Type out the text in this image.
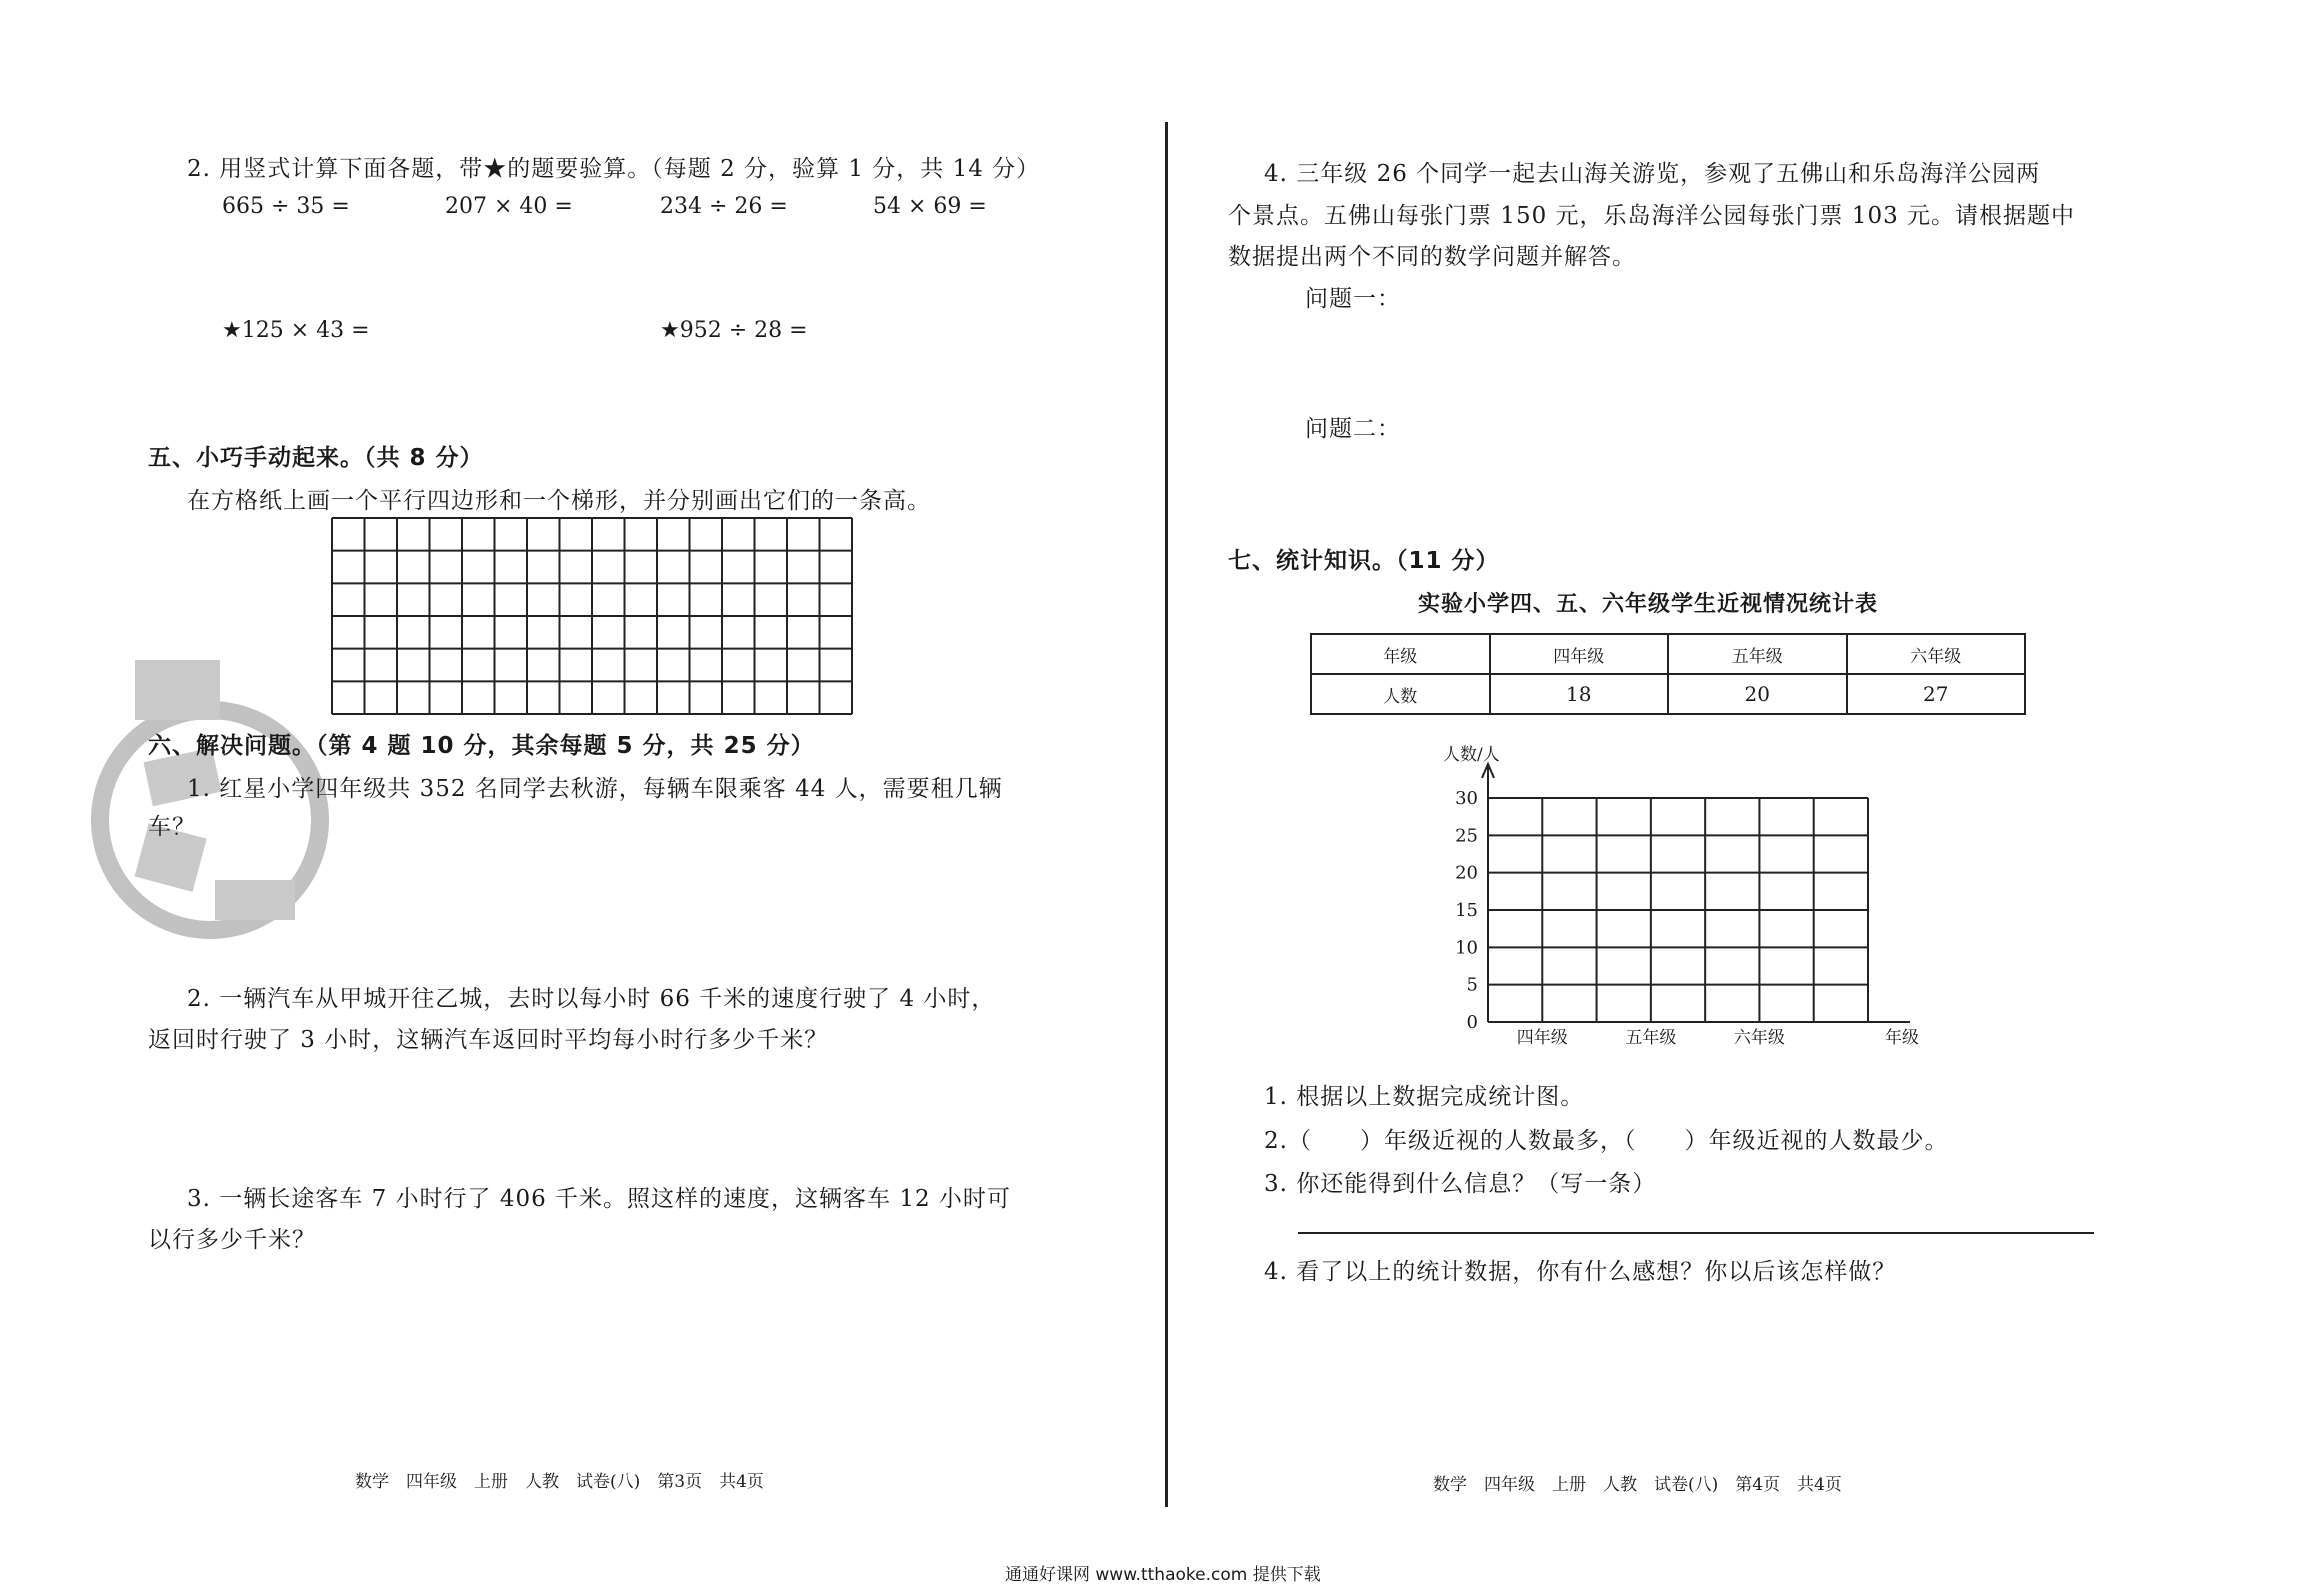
2. 用竖式计算下面各题，带★的题要验算。（每题 2 分，验算 1 分，共 14 分）
665 ÷ 35 =	207 × 40 =	234 ÷ 26 =	54 × 69 =
★125 × 43 =	★952 ÷ 28 =
五、小巧手动起来。（共 8 分）
在方格纸上画一个平行四边形和一个梯形，并分别画出它们的一条高。
六、解决问题。（第 4 题 10 分，其余每题 5 分，共 25 分）
1. 红星小学四年级共 352 名同学去秋游，每辆车限乘客 44 人，需要租几辆
车？
2. 一辆汽车从甲城开往乙城，去时以每小时 66 千米的速度行驶了 4 小时，
返回时行驶了 3 小时，这辆汽车返回时平均每小时行多少千米？
3. 一辆长途客车 7 小时行了 406 千米。照这样的速度，这辆客车 12 小时可
以行多少千米？
数学　四年级　上册　人教　试卷(八)　第3页　共4页
4. 三年级 26 个同学一起去山海关游览，参观了五佛山和乐岛海洋公园两
个景点。五佛山每张门票 150 元，乐岛海洋公园每张门票 103 元。请根据题中
数据提出两个不同的数学问题并解答。
问题一：
问题二：
七、统计知识。（11 分）
实验小学四、五、六年级学生近视情况统计表
年级	四年级	五年级	六年级
人数	18	20	27
0
5
10
15
20
25
30
四年级	五年级	六年级
人数/人
年级
1. 根据以上数据完成统计图。
2.（　　）年级近视的人数最多，（　　）年级近视的人数最少。
3. 你还能得到什么信息？（写一条）
4. 看了以上的统计数据，你有什么感想？你以后该怎样做？
数学　四年级　上册　人教　试卷(八)　第4页　共4页
通通好课网 www.tthaoke.com 提供下载
